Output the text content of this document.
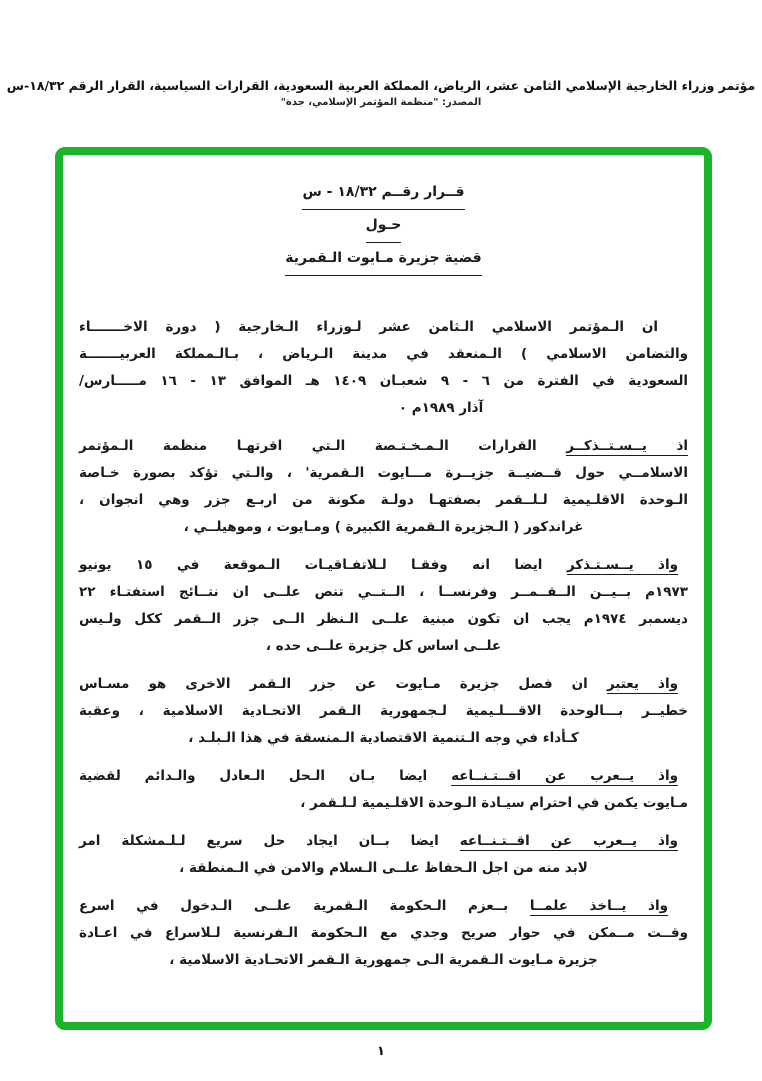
مؤتمر وزراء الخارجية الإسلامي الثامن عشر، الرياض، المملكة العربية السعودية، القرارات السياسية، القرار الرقم ١٨/٣٢-س
المصدر: "منظمة المؤتمر الإسلامي، جدة"
قــرار رقــم ١٨/٣٢ - س
حـول
قضية جزيرة مـايوت الـقمرية
ان الـمؤتمر الاسلامي الـثامن عشر لـوزراء الـخارجية ( دورة الاخـــــــاء
والتضامن الاسلامي ) الـمنعقد في مدينة الـرياض ، بـالـمملكة العربيـــــــة
السعودية في الفترة من ٦ - ٩ شعبـان ١٤٠٩ هـ الموافق ١٣ - ١٦ مـــــارس/
آذار ١٩٨٩م ٠
اذ يــسـتــذكــر القرارات الـمـخـتـصة الـتي اقرتهـا منظمة الـمؤتمر
الاسلامــي حول قــضيــة جزيــرة مـــايوت الـقمرية' ، والـتي تؤكد بصورة خـاصة
الـوحدة الاقلـيمية لـلــقمر بصفتهـا دولـة مكونة من اربـع جزر وهي انجوان ،
غراندكور ( الـجزيرة الـقمرية الكبيرة ) ومـايوت ، وموهيلــي ،
واذ يــسـتـذكر ايضا انه وفقـا لـلاتفـاقيـات الـموقعة في ١٥ يونيو
١٩٧٣م بــيــن الــقــمــر وفرنســا ، الــتــي تنص علــى ان نتــائج استفتـاء ٢٢
ديسمبر ١٩٧٤م يجب ان تكون مبنية علــى الـنظر الــى جزر الــقمر ككل ولـيس
علــى اساس كل جزيرة علــى حده ،
واذ يعتبر ان فصل جزيرة مـايوت عن جزر الـقمر الاخرى هو مسـاس
خطيــر بـــالوحدة الاقـــلـيمية لـجمهورية الـقمر الاتحـادية الاسلامية ، وعقبة
كـأداء في وجه الـتنمية الاقتصادية الـمنسقة في هذا الـبلـد ،
واذ يــعرب عن اقــتـنــاعه ايضا بـان الـحل الـعادل والـدائم لقضية
مـايوت يكمن في احترام سيـادة الـوحدة الاقلـيمية لـلـقمر ،
واذ يــعرب عن اقــتـنــاعه ايضا بــان ايجاد حل سريع لـلـمشكلة امر
لابد منه من اجل الـحفاظ علــى الـسلام والامن في الـمنطقة ،
واذ يــاخذ علمــا بــعزم الـحكومة الـقمرية علــى الـدخول في اسرع
وقــت مــمكن في حوار صريح وجدي مع الـحكومة الـفرنسية لـلاسراع في اعـادة
جزيرة مـايوت الـقمرية الـى جمهورية الـقمر الاتحـادية الاسلامية ،
١
